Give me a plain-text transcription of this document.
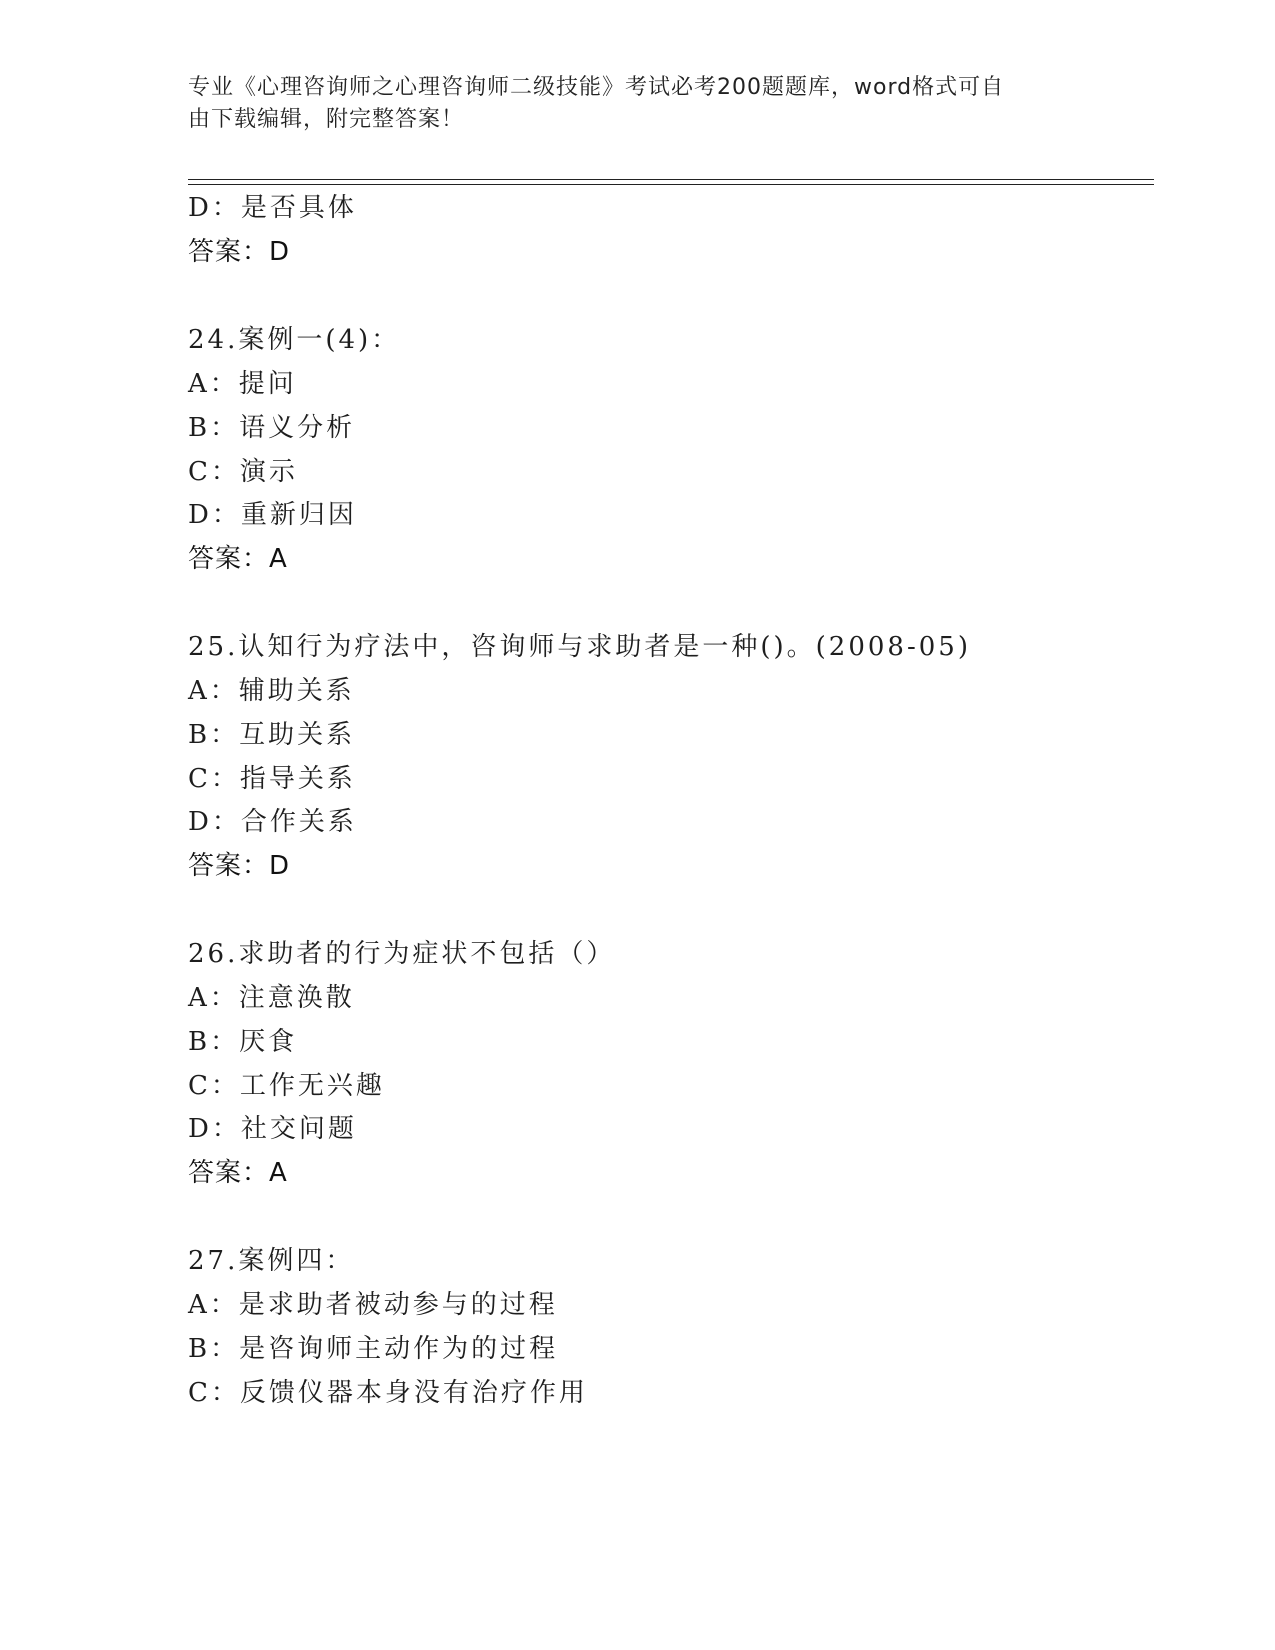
专业《心理咨询师之心理咨询师二级技能》考试必考200题题库，word格式可自
由下载编辑，附完整答案！
D：是否具体
答案：D
24.案例一(4)：
A：提问
B：语义分析
C：演示
D：重新归因
答案：A
25.认知行为疗法中，咨询师与求助者是一种()。(2008-05)
A：辅助关系
B：互助关系
C：指导关系
D：合作关系
答案：D
26.求助者的行为症状不包括（）
A：注意涣散
B：厌食
C：工作无兴趣
D：社交问题
答案：A
27.案例四：
A：是求助者被动参与的过程
B：是咨询师主动作为的过程
C：反馈仪器本身没有治疗作用
